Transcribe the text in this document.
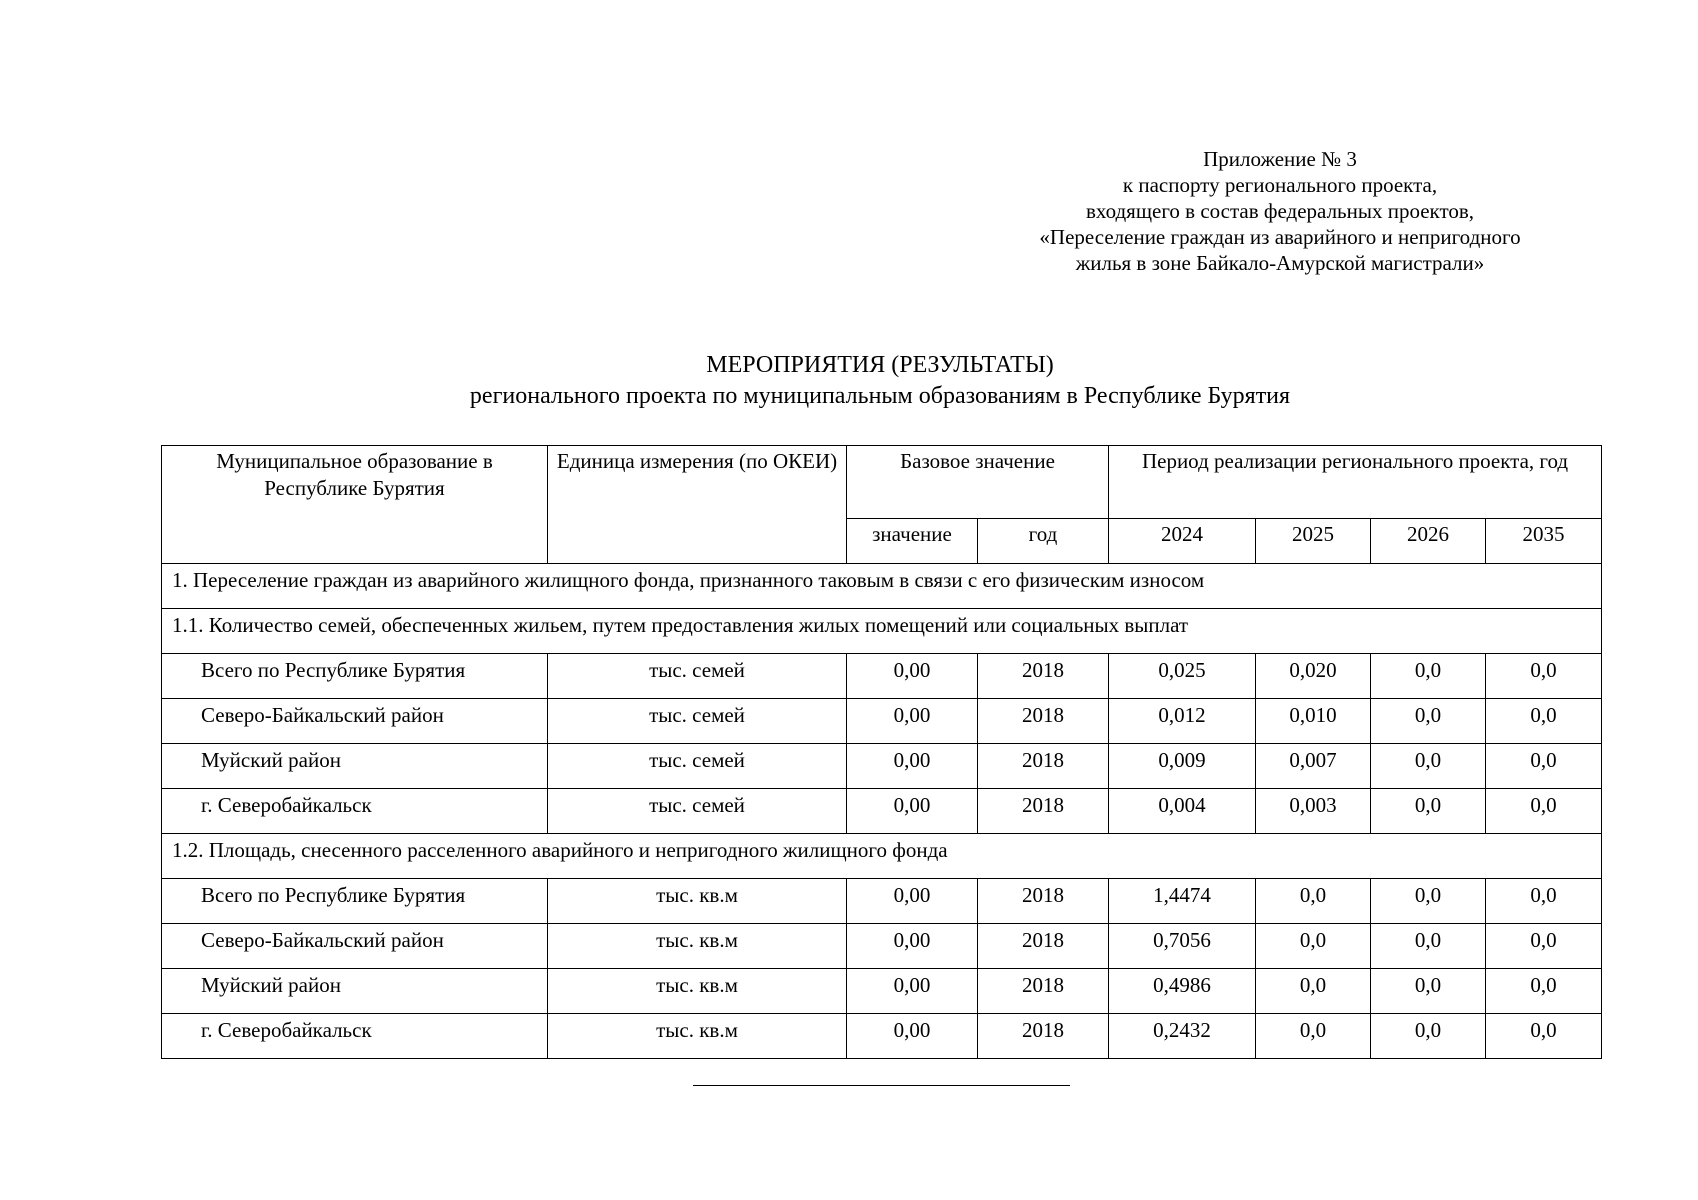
Приложение № 3
к паспорту регионального проекта,
входящего в состав федеральных проектов,
«Переселение граждан из аварийного и непригодного
жилья в зоне Байкало-Амурской магистрали»
МЕРОПРИЯТИЯ (РЕЗУЛЬТАТЫ)
регионального проекта по муниципальным образованиям в Республике Бурятия
Муниципальное образование в Республике Бурятия	Единица измерения (по ОКЕИ)	Базовое значение		Период реализации регионального проекта, год			
		значение	год	2024	2025	2026	2035
1. Переселение граждан из аварийного жилищного фонда, признанного таковым в связи с его физическим износом							
1.1. Количество семей, обеспеченных жильем, путем предоставления жилых помещений или социальных выплат							
Всего по Республике Бурятия	тыс. семей	0,00	2018	0,025	0,020	0,0	0,0
Северо-Байкальский район	тыс. семей	0,00	2018	0,012	0,010	0,0	0,0
Муйский район	тыс. семей	0,00	2018	0,009	0,007	0,0	0,0
г. Северобайкальск	тыс. семей	0,00	2018	0,004	0,003	0,0	0,0
1.2. Площадь, снесенного расселенного аварийного и непригодного жилищного фонда							
Всего по Республике Бурятия	тыс. кв.м	0,00	2018	1,4474	0,0	0,0	0,0
Северо-Байкальский район	тыс. кв.м	0,00	2018	0,7056	0,0	0,0	0,0
Муйский район	тыс. кв.м	0,00	2018	0,4986	0,0	0,0	0,0
г. Северобайкальск	тыс. кв.м	0,00	2018	0,2432	0,0	0,0	0,0
